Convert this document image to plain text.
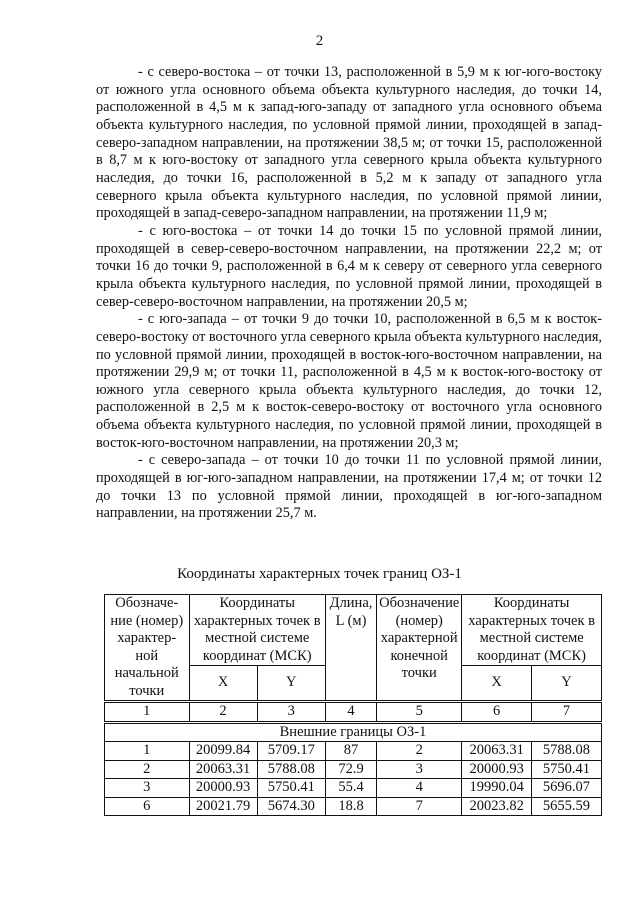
2

- с северо-востока – от точки 13, расположенной в 5,9 м к юг-юго-востоку от южного угла основного объема объекта культурного наследия, до точки 14, расположенной в 4,5 м к запад-юго-западу от западного угла основного объема объекта культурного наследия, по условной прямой линии, проходящей в запад-северо-западном направлении, на протяжении 38,5 м; от точки 15, расположенной в 8,7 м к юго-востоку от западного угла северного крыла объекта культурного наследия, до точки 16, расположенной в 5,2 м к западу от западного угла северного крыла объекта культурного наследия, по условной прямой линии, проходящей в запад-северо-западном направлении, на протяжении 11,9 м;

- с юго-востока – от точки 14 до точки 15 по условной прямой линии, проходящей в север-северо-восточном направлении, на протяжении 22,2 м; от точки 16 до точки 9, расположенной в 6,4 м к северу от северного угла северного крыла объекта культурного наследия, по условной прямой линии, проходящей в север-северо-восточном направлении, на протяжении 20,5 м;

- с юго-запада – от точки 9 до точки 10, расположенной в 6,5 м к восток-северо-востоку от восточного угла северного крыла объекта культурного наследия, по условной прямой линии, проходящей в восток-юго-восточном направлении, на протяжении 29,9 м; от точки 11, расположенной в 4,5 м к восток-юго-востоку от южного угла северного крыла объекта культурного наследия, до точки 12, расположенной в 2,5 м к восток-северо-востоку от восточного угла основного объема объекта культурного наследия, по условной прямой линии, проходящей в восток-юго-восточном направлении, на протяжении 20,3 м;

- с северо-запада – от точки 10 до точки 11 по условной прямой линии, проходящей в юг-юго-западном направлении, на протяжении 17,4 м; от точки 12 до точки 13 по условной прямой линии, проходящей в юг-юго-западном направлении, на протяжении 25,7 м.

Координаты характерных точек границ ОЗ-1
Обозначе-ние (номер) характер-ной начальной точки	Координаты характерных точек в местной системе координат (МСК)		Длина, L (м)	Обозначение (номер) характерной конечной точки	Координаты характерных точек в местной системе координат (МСК)	
	X	Y			X	Y
1	2	3	4	5	6	7
Внешние границы ОЗ-1						
1	20099.84	5709.17	87	2	20063.31	5788.08
2	20063.31	5788.08	72.9	3	20000.93	5750.41
3	20000.93	5750.41	55.4	4	19990.04	5696.07
6	20021.79	5674.30	18.8	7	20023.82	5655.59
